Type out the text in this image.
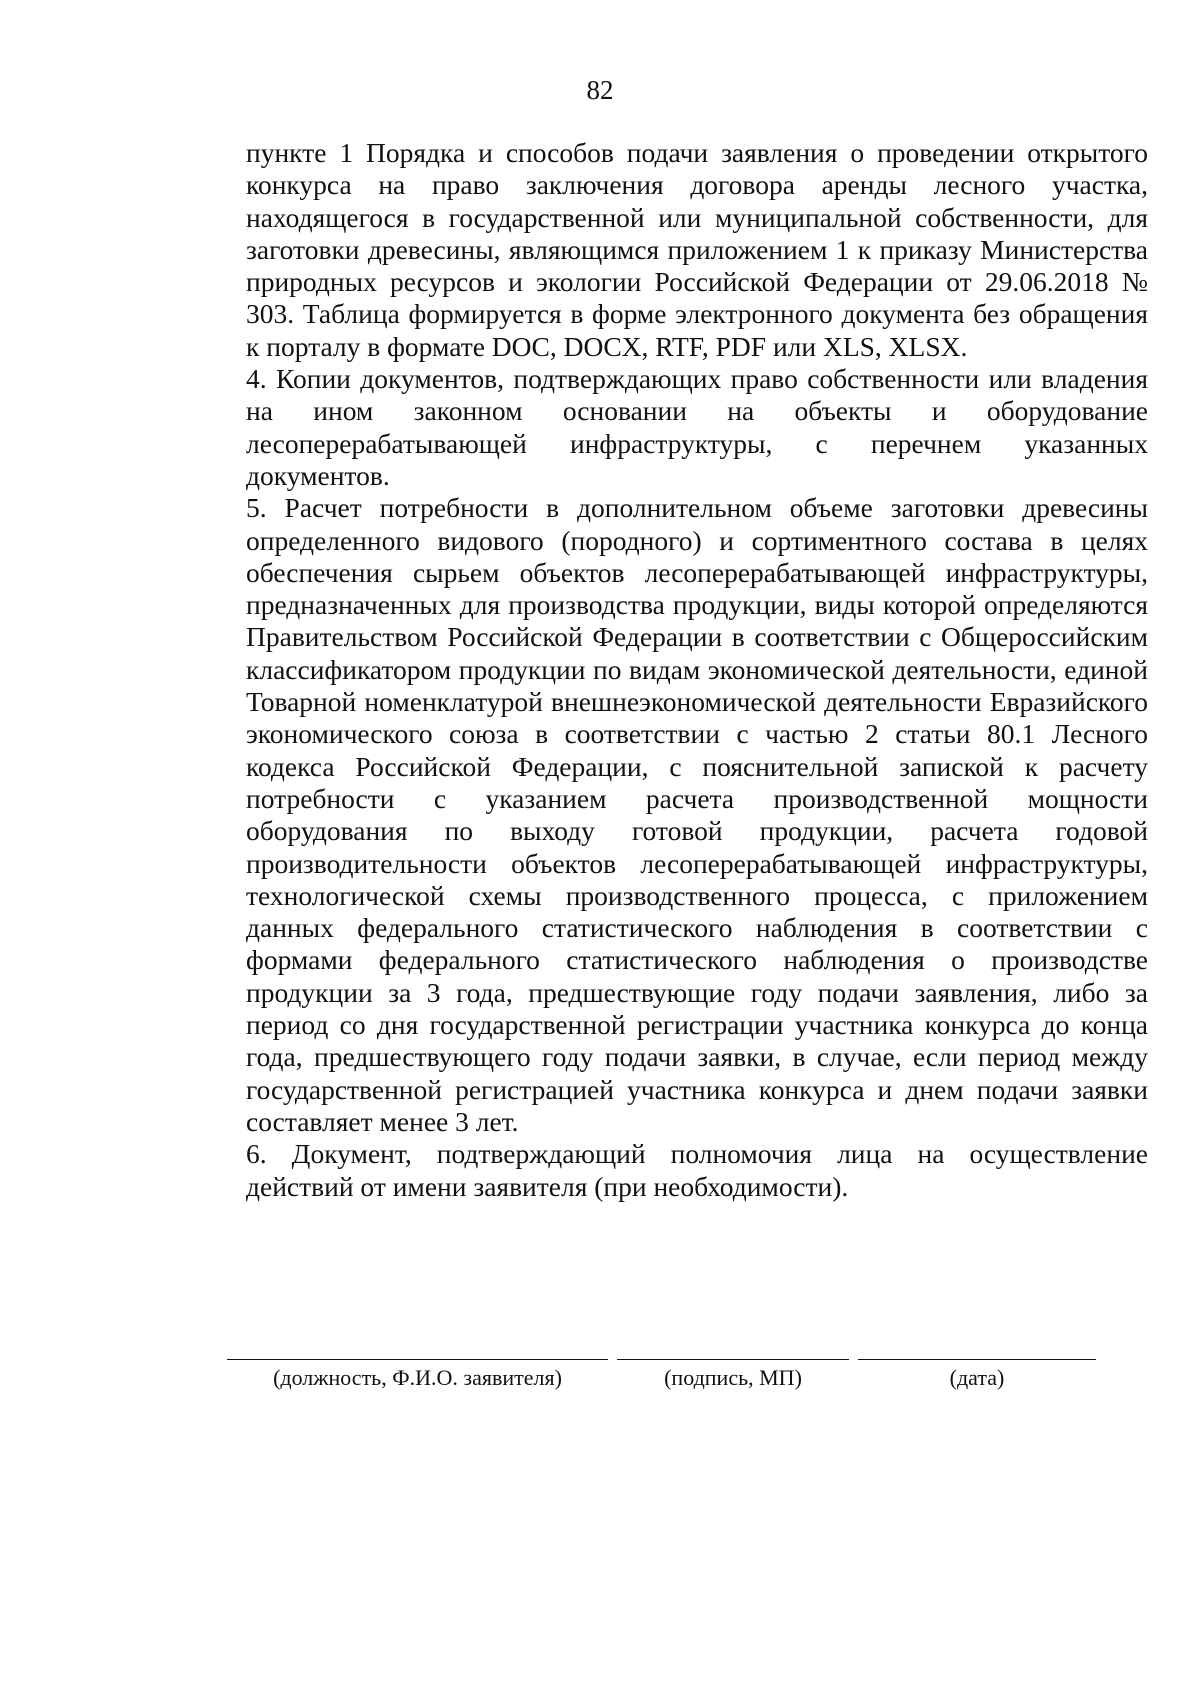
82

пункте 1 Порядка и способов подачи заявления о проведении открытого конкурса на право заключения договора аренды лесного участка, находящегося в государственной или муниципальной собственности, для заготовки древесины, являющимся приложением 1 к приказу Министерства природных ресурсов и экологии Российской Федерации от 29.06.2018 № 303. Таблица формируется в форме электронного документа без обращения к порталу в формате DOC, DOCX, RTF, PDF или XLS, XLSX.

4. Копии документов, подтверждающих право собственности или владения на ином законном основании на объекты и оборудование лесоперерабатывающей инфраструктуры, с перечнем указанных документов.

5. Расчет потребности в дополнительном объеме заготовки древесины определенного видового (породного) и сортиментного состава в целях обеспечения сырьем объектов лесоперерабатывающей инфраструктуры, предназначенных для производства продукции, виды которой определяются Правительством Российской Федерации в соответствии с Общероссийским классификатором продукции по видам экономической деятельности, единой Товарной номенклатурой внешнеэкономической деятельности Евразийского экономического союза в соответствии с частью 2 статьи 80.1 Лесного кодекса Российской Федерации, с пояснительной запиской к расчету потребности с указанием расчета производственной мощности оборудования по выходу готовой продукции, расчета годовой производительности объектов лесоперерабатывающей инфраструктуры, технологической схемы производственного процесса, с приложением данных федерального статистического наблюдения в соответствии с формами федерального статистического наблюдения о производстве продукции за 3 года, предшествующие году подачи заявления, либо за период со дня государственной регистрации участника конкурса до конца года, предшествующего году подачи заявки, в случае, если период между государственной регистрацией участника конкурса и днем подачи заявки составляет менее 3 лет.

6. Документ, подтверждающий полномочия лица на осуществление действий от имени заявителя (при необходимости).

(должность, Ф.И.О. заявителя)	(подпись, МП)	(дата)
